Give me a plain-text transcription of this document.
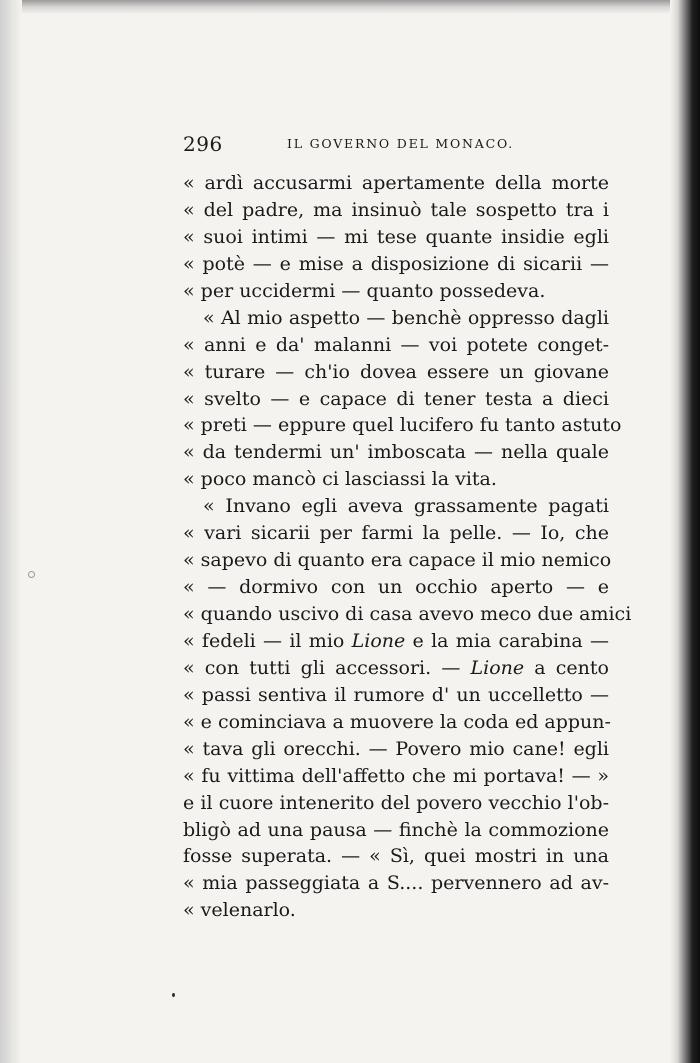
296	IL GOVERNO DEL MONACO.
« ardì accusarmi apertamente della morte
« del padre, ma insinuò tale sospetto tra i
« suoi intimi — mi tese quante insidie egli
« potè — e mise a disposizione di sicarii —
« per uccidermi — quanto possedeva.
« Al mio aspetto — benchè oppresso dagli
« anni e da' malanni — voi potete conget-
« turare — ch'io dovea essere un giovane
« svelto — e capace di tener testa a dieci
« preti — eppure quel lucifero fu tanto astuto
« da tendermi un' imboscata — nella quale
« poco mancò ci lasciassi la vita.
« Invano egli aveva grassamente pagati
« vari sicarii per farmi la pelle. — Io, che
« sapevo di quanto era capace il mio nemico
« — dormivo con un occhio aperto — e
« quando uscivo di casa avevo meco due amici
« fedeli — il mio Lione e la mia carabina —
« con tutti gli accessori. — Lione a cento
« passi sentiva il rumore d' un uccelletto —
« e cominciava a muovere la coda ed appun-
« tava gli orecchi. — Povero mio cane! egli
« fu vittima dell'affetto che mi portava! — »
e il cuore intenerito del povero vecchio l'ob-
bligò ad una pausa — finchè la commozione
fosse superata. — « Sì, quei mostri in una
« mia passeggiata a S.... pervennero ad av-
« velenarlo.
